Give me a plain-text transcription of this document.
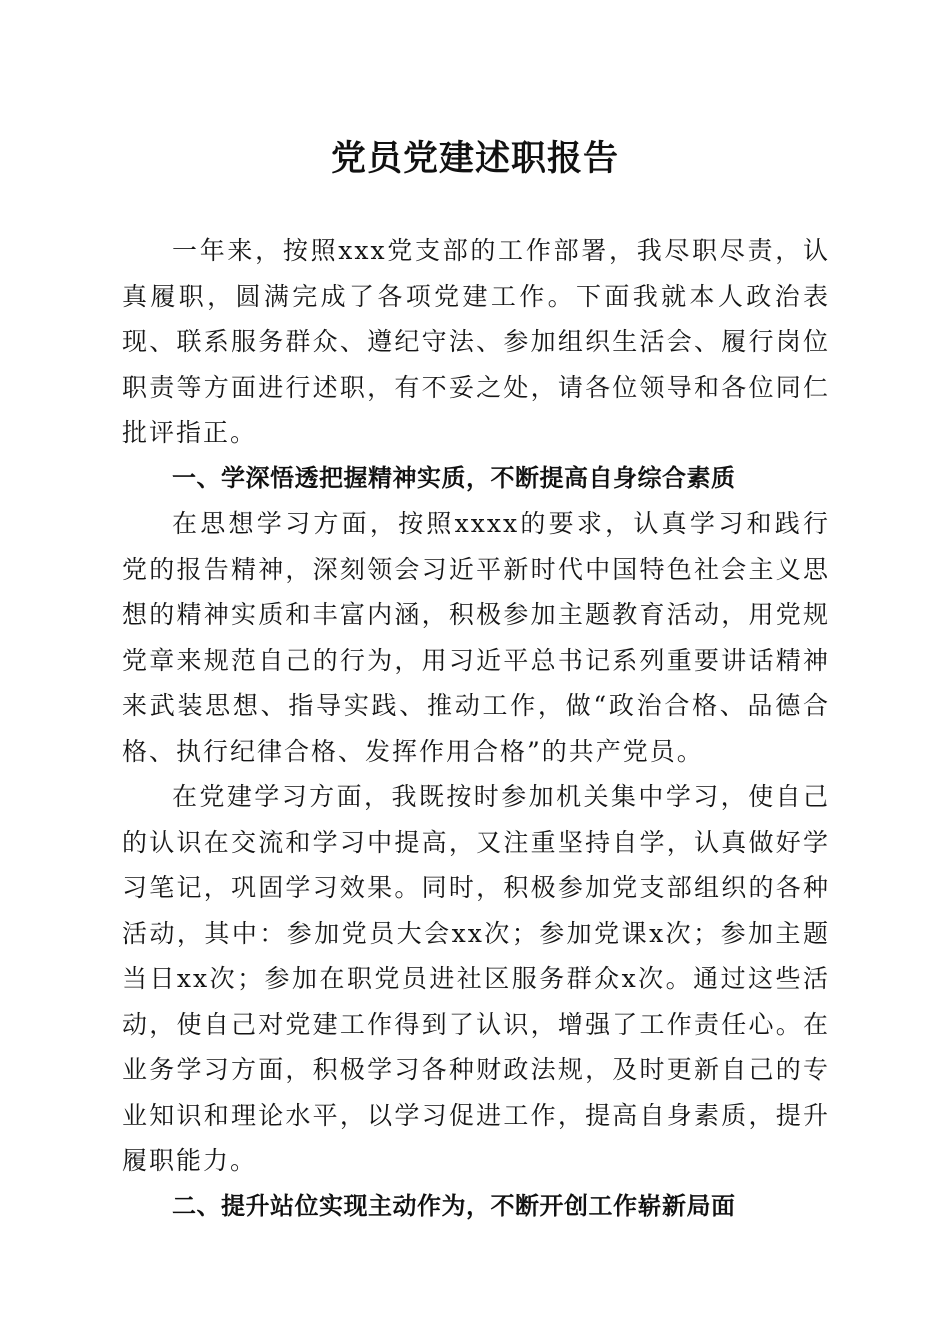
党员党建述职报告

一年来，按照xxx党支部的工作部署，我尽职尽责，认真履职，圆满完成了各项党建工作。下面我就本人政治表现、联系服务群众、遵纪守法、参加组织生活会、履行岗位职责等方面进行述职，有不妥之处，请各位领导和各位同仁批评指正。

一、学深悟透把握精神实质，不断提高自身综合素质

在思想学习方面，按照xxxx的要求，认真学习和践行党的报告精神，深刻领会习近平新时代中国特色社会主义思想的精神实质和丰富内涵，积极参加主题教育活动，用党规党章来规范自己的行为，用习近平总书记系列重要讲话精神来武装思想、指导实践、推动工作，做“政治合格、品德合格、执行纪律合格、发挥作用合格”的共产党员。

在党建学习方面，我既按时参加机关集中学习，使自己的认识在交流和学习中提高，又注重坚持自学，认真做好学习笔记，巩固学习效果。同时，积极参加党支部组织的各种活动，其中：参加党员大会xx次；参加党课x次；参加主题当日xx次；参加在职党员进社区服务群众x次。通过这些活动，使自己对党建工作得到了认识，增强了工作责任心。在业务学习方面，积极学习各种财政法规，及时更新自己的专业知识和理论水平，以学习促进工作，提高自身素质，提升履职能力。

二、提升站位实现主动作为，不断开创工作崭新局面
